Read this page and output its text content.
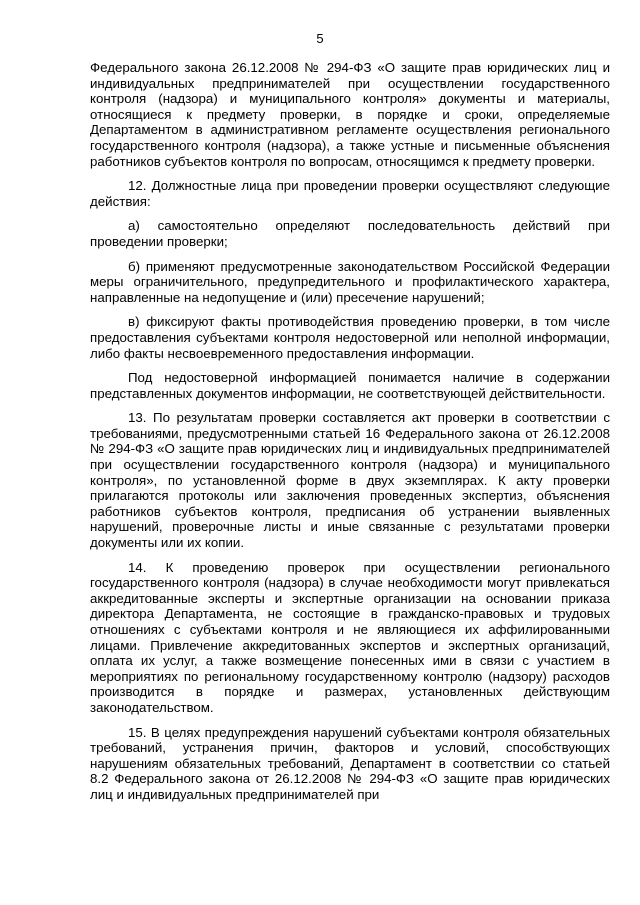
5

Федерального закона 26.12.2008 № 294-ФЗ «О защите прав юридических лиц и индивидуальных предпринимателей при осуществлении государственного контроля (надзора) и муниципального контроля» документы и материалы, относящиеся к предмету проверки, в порядке и сроки, определяемые Департаментом в административном регламенте осуществления регионального государственного контроля (надзора), а также устные и письменные объяснения работников субъектов контроля по вопросам, относящимся к предмету проверки.

12. Должностные лица при проведении проверки осуществляют следующие действия:

а) самостоятельно определяют последовательность действий при проведении проверки;

б) применяют предусмотренные законодательством Российской Федерации меры ограничительного, предупредительного и профилактического характера, направленные на недопущение и (или) пресечение нарушений;

в) фиксируют факты противодействия проведению проверки, в том числе предоставления субъектами контроля недостоверной или неполной информации, либо факты несвоевременного предоставления информации.

Под недостоверной информацией понимается наличие в содержании представленных документов информации, не соответствующей действительности.

13. По результатам проверки составляется акт проверки в соответствии с требованиями, предусмотренными статьей 16 Федерального закона от 26.12.2008 № 294-ФЗ «О защите прав юридических лиц и индивидуальных предпринимателей при осуществлении государственного контроля (надзора) и муниципального контроля», по установленной форме в двух экземплярах. К акту проверки прилагаются протоколы или заключения проведенных экспертиз, объяснения работников субъектов контроля, предписания об устранении выявленных нарушений, проверочные листы и иные связанные с результатами проверки документы или их копии.

14. К проведению проверок при осуществлении регионального государственного контроля (надзора) в случае необходимости могут привлекаться аккредитованные эксперты и экспертные организации на основании приказа директора Департамента, не состоящие в гражданско-правовых и трудовых отношениях с субъектами контроля и не являющиеся их аффилированными лицами. Привлечение аккредитованных экспертов и экспертных организаций, оплата их услуг, а также возмещение понесенных ими в связи с участием в мероприятиях по региональному государственному контролю (надзору) расходов производится в порядке и размерах, установленных действующим законодательством.

15. В целях предупреждения нарушений субъектами контроля обязательных требований, устранения причин, факторов и условий, способствующих нарушениям обязательных требований, Департамент в соответствии со статьей 8.2 Федерального закона от 26.12.2008 № 294-ФЗ «О защите прав юридических лиц и индивидуальных предпринимателей при
